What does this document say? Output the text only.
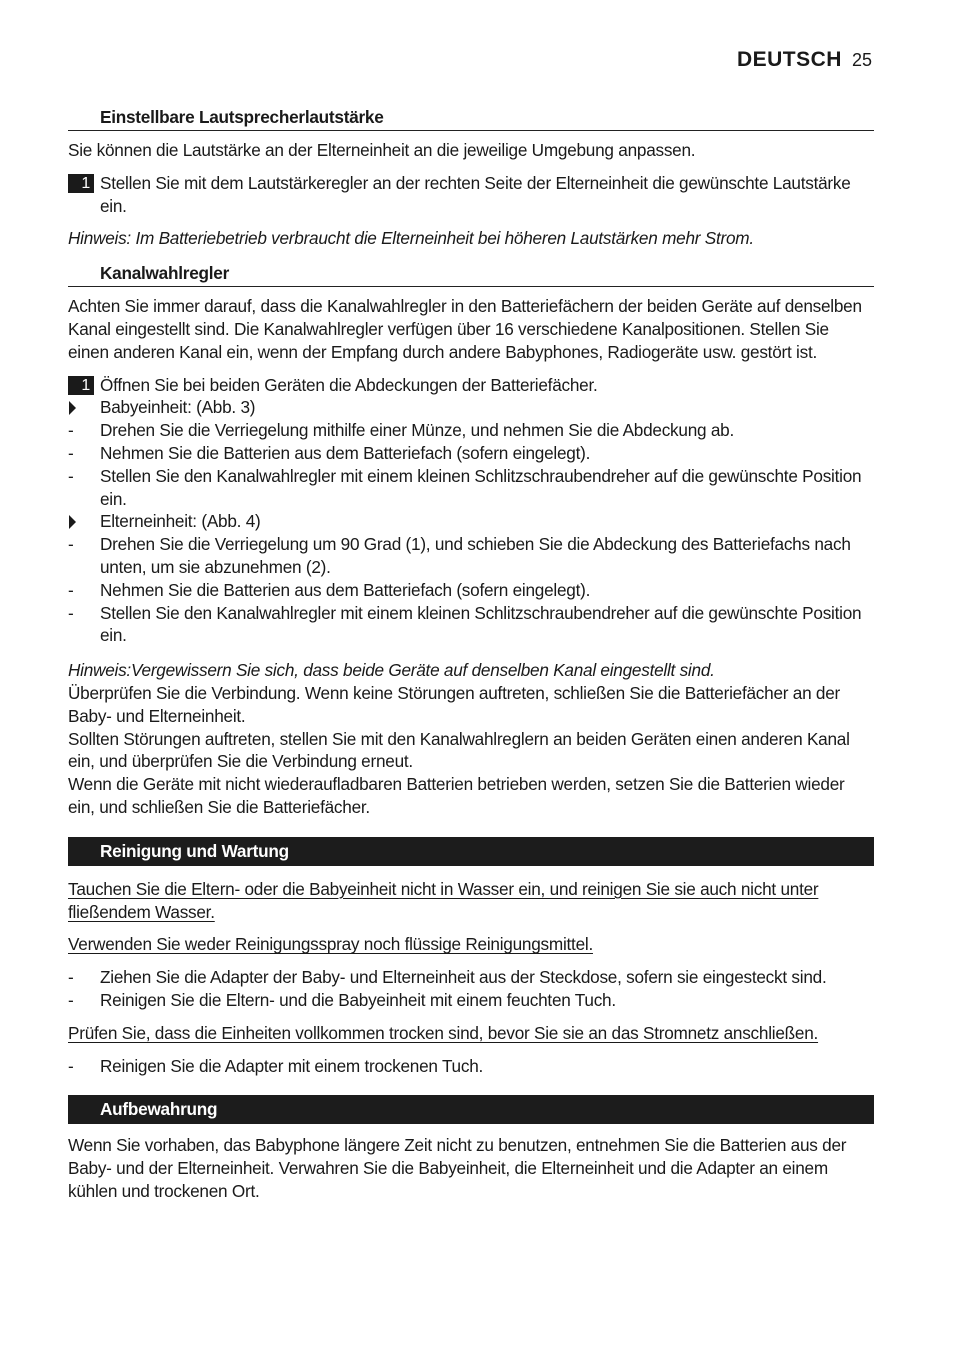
DEUTSCH 25
Einstellbare Lautsprecherlautstärke

Sie können die Lautstärke an der Elterneinheit an die jeweilige Umgebung anpassen.

1 Stellen Sie mit dem Lautstärkeregler an der rechten Seite der Elterneinheit die gewünschte Lautstärke ein.

Hinweis: Im Batteriebetrieb verbraucht die Elterneinheit bei höheren Lautstärken mehr Strom.

Kanalwahlregler

Achten Sie immer darauf, dass die Kanalwahlregler in den Batteriefächern der beiden Geräte auf denselben Kanal eingestellt sind. Die Kanalwahlregler verfügen über 16 verschiedene Kanalpositionen. Stellen Sie einen anderen Kanal ein, wenn der Empfang durch andere Babyphones, Radiogeräte usw. gestört ist.

1 Öffnen Sie bei beiden Geräten die Abdeckungen der Batteriefächer.
Babyeinheit: (Abb. 3)
-	Drehen Sie die Verriegelung mithilfe einer Münze, und nehmen Sie die Abdeckung ab.
-	Nehmen Sie die Batterien aus dem Batteriefach (sofern eingelegt).
-	Stellen Sie den Kanalwahlregler mit einem kleinen Schlitzschraubendreher auf die gewünschte Position ein.
Elterneinheit: (Abb. 4)
-	Drehen Sie die Verriegelung um 90 Grad (1), und schieben Sie die Abdeckung des Batteriefachs nach unten, um sie abzunehmen (2).
-	Nehmen Sie die Batterien aus dem Batteriefach (sofern eingelegt).
-	Stellen Sie den Kanalwahlregler mit einem kleinen Schlitzschraubendreher auf die gewünschte Position ein.

Hinweis:Vergewissern Sie sich, dass beide Geräte auf denselben Kanal eingestellt sind.

Überprüfen Sie die Verbindung. Wenn keine Störungen auftreten, schließen Sie die Batteriefächer an der Baby- und Elterneinheit.

Sollten Störungen auftreten, stellen Sie mit den Kanalwahlreglern an beiden Geräten einen anderen Kanal ein, und überprüfen Sie die Verbindung erneut.

Wenn die Geräte mit nicht wiederaufladbaren Batterien betrieben werden, setzen Sie die Batterien wieder ein, und schließen Sie die Batteriefächer.

Reinigung und Wartung

Tauchen Sie die Eltern- oder die Babyeinheit nicht in Wasser ein, und reinigen Sie sie auch nicht unter fließendem Wasser.

Verwenden Sie weder Reinigungsspray noch flüssige Reinigungsmittel.

-	Ziehen Sie die Adapter der Baby- und Elterneinheit aus der Steckdose, sofern sie eingesteckt sind.
-	Reinigen Sie die Eltern- und die Babyeinheit mit einem feuchten Tuch.

Prüfen Sie, dass die Einheiten vollkommen trocken sind, bevor Sie sie an das Stromnetz anschließen.

-	Reinigen Sie die Adapter mit einem trockenen Tuch.
Aufbewahrung

Wenn Sie vorhaben, das Babyphone längere Zeit nicht zu benutzen, entnehmen Sie die Batterien aus der Baby- und der Elterneinheit. Verwahren Sie die Babyeinheit, die Elterneinheit und die Adapter an einem kühlen und trockenen Ort.
